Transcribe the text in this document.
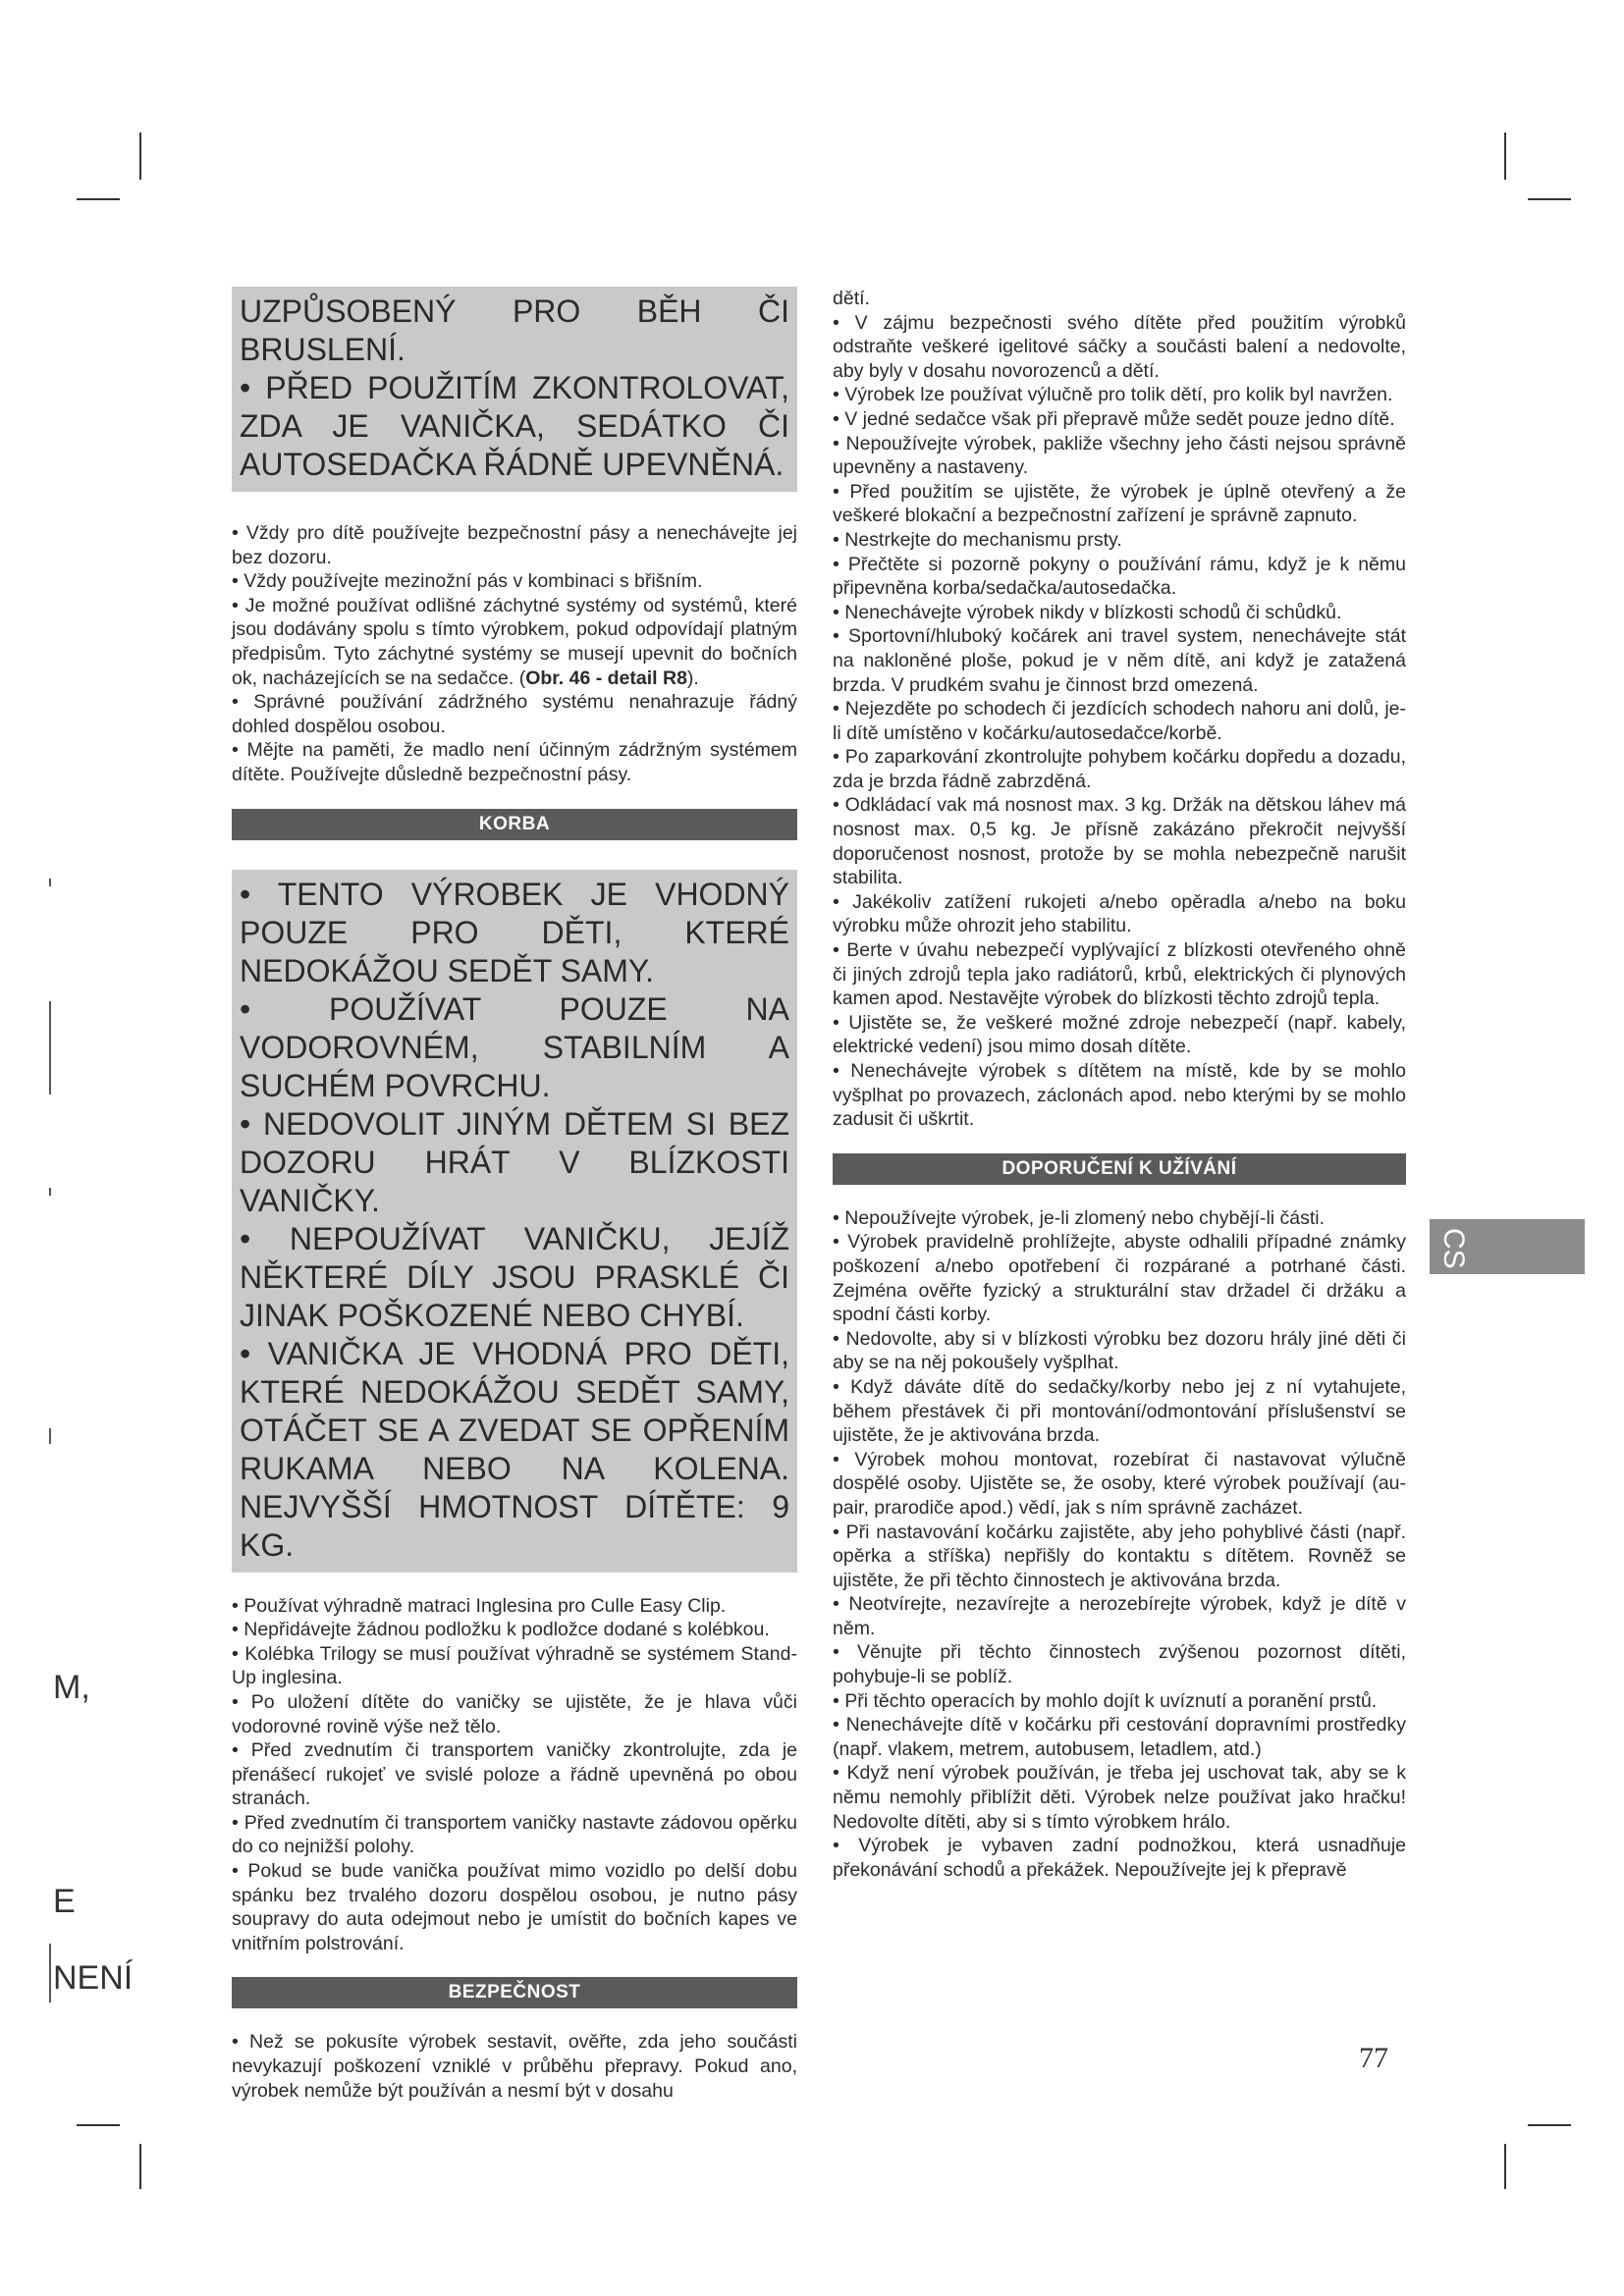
M,
E
NENÍ

UZPŮSOBENÝ PRO BĚH ČI BRUSLENÍ.

• PŘED POUŽITÍM ZKONTROLOVAT, ZDA JE VANIČKA, SEDÁTKO ČI AUTOSEDAČKA ŘÁDNĚ UPEVNĚNÁ.

• Vždy pro dítě používejte bezpečnostní pásy a nenechávejte jej bez dozoru.

• Vždy používejte mezinožní pás v kombinaci s břišním.

• Je možné používat odlišné záchytné systémy od systémů, které jsou dodávány spolu s tímto výrobkem, pokud odpovídají platným předpisům. Tyto záchytné systémy se musejí upevnit do bočních ok, nacházejících se na sedačce. (Obr. 46 - detail R8).

• Správné používání zádržného systému nenahrazuje řádný dohled dospělou osobou.

• Mějte na paměti, že madlo není účinným zádržným systémem dítěte. Používejte důsledně bezpečnostní pásy.

KORBA

• TENTO VÝROBEK JE VHODNÝ POUZE PRO DĚTI, KTERÉ NEDOKÁŽOU SEDĚT SAMY.

• POUŽÍVAT POUZE NA VODOROVNÉM, STABILNÍM A SUCHÉM POVRCHU.

• NEDOVOLIT JINÝM DĚTEM SI BEZ DOZORU HRÁT V BLÍZKOSTI VANIČKY.

• NEPOUŽÍVAT VANIČKU, JEJÍŽ NĚKTERÉ DÍLY JSOU PRASKLÉ ČI JINAK POŠKOZENÉ NEBO CHYBÍ.

• VANIČKA JE VHODNÁ PRO DĚTI, KTERÉ NEDOKÁŽOU SEDĚT SAMY, OTÁČET SE A ZVEDAT SE OPŘENÍM RUKAMA NEBO NA KOLENA. NEJVYŠŠÍ HMOTNOST DÍTĚTE: 9 KG.

• Používat výhradně matraci Inglesina pro Culle Easy Clip.

• Nepřidávejte žádnou podložku k podložce dodané s kolébkou.

• Kolébka Trilogy se musí používat výhradně se systémem Stand-Up inglesina.

• Po uložení dítěte do vaničky se ujistěte, že je hlava vůči vodorovné rovině výše než tělo.

• Před zvednutím či transportem vaničky zkontrolujte, zda je přenášecí rukojeť ve svislé poloze a řádně upevněná po obou stranách.

• Před zvednutím či transportem vaničky nastavte zádovou opěrku do co nejnižší polohy.

• Pokud se bude vanička používat mimo vozidlo po delší dobu spánku bez trvalého dozoru dospělou osobou, je nutno pásy soupravy do auta odejmout nebo je umístit do bočních kapes ve vnitřním polstrování.

BEZPEČNOST

• Než se pokusíte výrobek sestavit, ověřte, zda jeho součásti nevykazují poškození vzniklé v průběhu přepravy. Pokud ano, výrobek nemůže být používán a nesmí být v dosahu

dětí.

• V zájmu bezpečnosti svého dítěte před použitím výrobků odstraňte veškeré igelitové sáčky a součásti balení a nedovolte, aby byly v dosahu novorozenců a dětí.

• Výrobek lze používat výlučně pro tolik dětí, pro kolik byl navržen.

• V jedné sedačce však při přepravě může sedět pouze jedno dítě.

• Nepoužívejte výrobek, pakliže všechny jeho části nejsou správně upevněny a nastaveny.

• Před použitím se ujistěte, že výrobek je úplně otevřený a že veškeré blokační a bezpečnostní zařízení je správně zapnuto.

• Nestrkejte do mechanismu prsty.

• Přečtěte si pozorně pokyny o používání rámu, když je k němu připevněna korba/sedačka/autosedačka.

• Nenechávejte výrobek nikdy v blízkosti schodů či schůdků.

• Sportovní/hluboký kočárek ani travel system, nenechávejte stát na nakloněné ploše, pokud je v něm dítě, ani když je zatažená brzda. V prudkém svahu je činnost brzd omezená.

• Nejezděte po schodech či jezdících schodech nahoru ani dolů, je-li dítě umístěno v kočárku/autosedačce/korbě.

• Po zaparkování zkontrolujte pohybem kočárku dopředu a dozadu, zda je brzda řádně zabrzděná.

• Odkládací vak má nosnost max. 3 kg. Držák na dětskou láhev má nosnost max. 0,5 kg. Je přísně zakázáno překročit nejvyšší doporučenost nosnost, protože by se mohla nebezpečně narušit stabilita.

• Jakékoliv zatížení rukojeti a/nebo opěradla a/nebo na boku výrobku může ohrozit jeho stabilitu.

• Berte v úvahu nebezpečí vyplývající z blízkosti otevřeného ohně či jiných zdrojů tepla jako radiátorů, krbů, elektrických či plynových kamen apod. Nestavějte výrobek do blízkosti těchto zdrojů tepla.

• Ujistěte se, že veškeré možné zdroje nebezpečí (např. kabely, elektrické vedení) jsou mimo dosah dítěte.

• Nenechávejte výrobek s dítětem na místě, kde by se mohlo vyšplhat po provazech, záclonách apod. nebo kterými by se mohlo zadusit či uškrtit.

DOPORUČENÍ K UŽÍVÁNÍ

• Nepoužívejte výrobek, je-li zlomený nebo chybějí-li části.

• Výrobek pravidelně prohlížejte, abyste odhalili případné známky poškození a/nebo opotřebení či rozpárané a potrhané části. Zejména ověřte fyzický a strukturální stav držadel či držáku a spodní části korby.

• Nedovolte, aby si v blízkosti výrobku bez dozoru hrály jiné děti či aby se na něj pokoušely vyšplhat.

• Když dáváte dítě do sedačky/korby nebo jej z ní vytahujete, během přestávek či při montování/odmontování příslušenství se ujistěte, že je aktivována brzda.

• Výrobek mohou montovat, rozebírat či nastavovat výlučně dospělé osoby. Ujistěte se, že osoby, které výrobek používají (au-pair, prarodiče apod.) vědí, jak s ním správně zacházet.

• Při nastavování kočárku zajistěte, aby jeho pohyblivé části (např. opěrka a stříška) nepřišly do kontaktu s dítětem. Rovněž se ujistěte, že při těchto činnostech je aktivována brzda.

• Neotvírejte, nezavírejte a nerozebírejte výrobek, když je dítě v něm.

• Věnujte při těchto činnostech zvýšenou pozornost dítěti, pohybuje-li se poblíž.

• Při těchto operacích by mohlo dojít k uvíznutí a poranění prstů.

• Nenechávejte dítě v kočárku při cestování dopravními prostředky (např. vlakem, metrem, autobusem, letadlem, atd.)

• Když není výrobek používán, je třeba jej uschovat tak, aby se k němu nemohly přiblížit děti. Výrobek nelze používat jako hračku! Nedovolte dítěti, aby si s tímto výrobkem hrálo.

• Výrobek je vybaven zadní podnožkou, která usnadňuje překonávání schodů a překážek. Nepoužívejte jej k přepravě

CS
77
